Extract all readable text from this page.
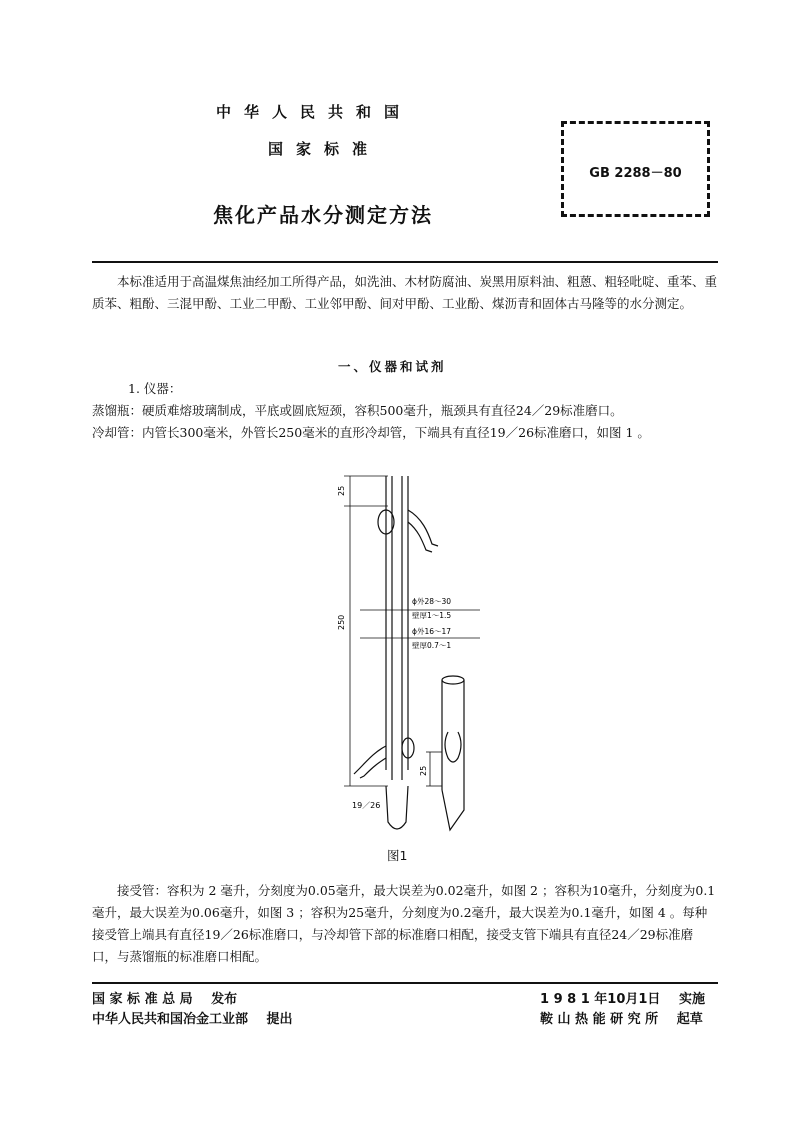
中华人民共和国
国家标准
焦化产品水分测定方法
GB 2288－80
本标准适用于高温煤焦油经加工所得产品，如洗油、木材防腐油、炭黑用原料油、粗蒽、粗轻吡啶、重苯、重质苯、粗酚、三混甲酚、工业二甲酚、工业邻甲酚、间对甲酚、工业酚、煤沥青和固体古马隆等的水分测定。
一、仪器和试剂
1. 仪器：
蒸馏瓶：硬质难熔玻璃制成，平底或圆底短颈，容积500毫升，瓶颈具有直径24／29标准磨口。
冷却管：内管长300毫米，外管长250毫米的直形冷却管，下端具有直径19／26标准磨口，如图 1 。
25
250
25
19／26
ϕ外28～30
壁厚1～1.5
ϕ外16～17
壁厚0.7～1
图1
接受管：容积为 2 毫升，分刻度为0.05毫升，最大误差为0.02毫升，如图 2 ；容积为10毫升，分刻度为0.1毫升，最大误差为0.06毫升，如图 3 ；容积为25毫升，分刻度为0.2毫升，最大误差为0.1毫升，如图 4 。每种接受管上端具有直径19／26标准磨口，与冷却管下部的标准磨口相配，接受支管下端具有直径24／29标准磨口，与蒸馏瓶的标准磨口相配。
国 家 标 准 总 局 发布
中华人民共和国冶金工业部 提出
1 9 8 1 年10月1日 实施
鞍 山 热 能 研 究 所 起草
